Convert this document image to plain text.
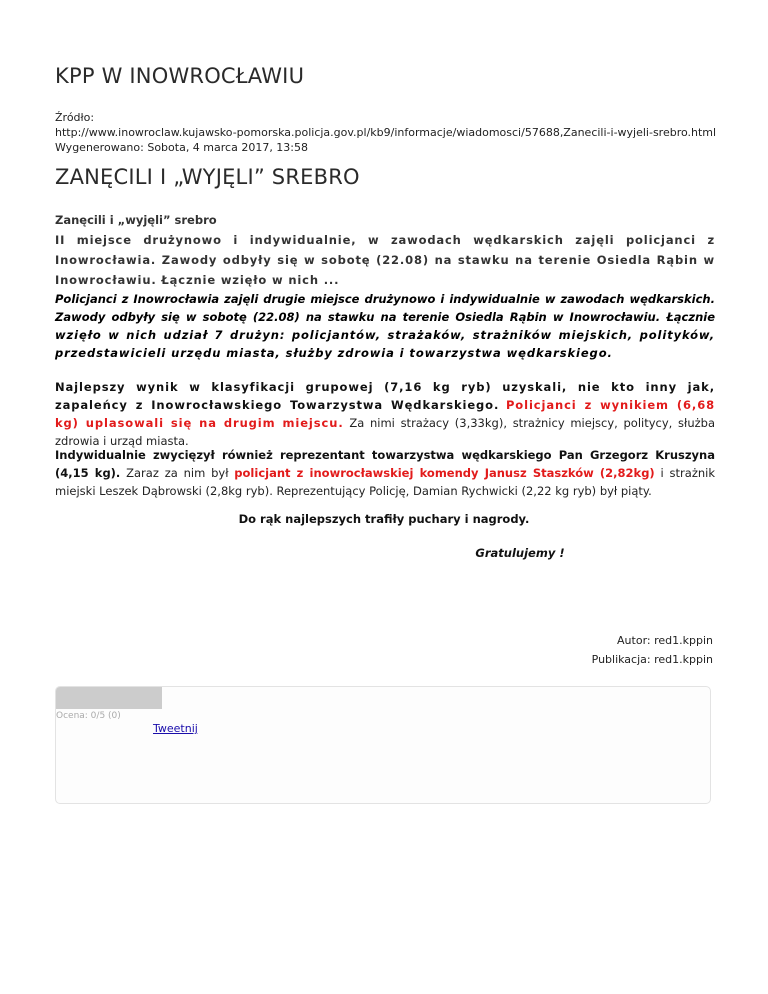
KPP W INOWROCŁAWIU
Źródło:
http://www.inowroclaw.kujawsko-pomorska.policja.gov.pl/kb9/informacje/wiadomosci/57688,Zanecili-i-wyjeli-srebro.html
Wygenerowano: Sobota, 4 marca 2017, 13:58
ZANĘCILI I „WYJĘLI” SREBRO
Zanęcili i „wyjęli” srebro
II miejsce drużynowo i indywidualnie, w zawodach wędkarskich zajęli policjanci z Inowrocławia. Zawody odbyły się w sobotę (22.08) na stawku na terenie Osiedla Rąbin w Inowrocławiu. Łącznie wzięło w nich ...
Policjanci z Inowrocławia zajęli drugie miejsce drużynowo i indywidualnie w zawodach wędkarskich. Zawody odbyły się w sobotę (22.08) na stawku na terenie Osiedla Rąbin w Inowrocławiu. Łącznie wzięło w nich udział 7 drużyn: policjantów, strażaków, strażników miejskich, polityków, przedstawicieli urzędu miasta, służby zdrowia i towarzystwa wędkarskiego.
Najlepszy wynik w klasyfikacji grupowej (7,16 kg ryb) uzyskali, nie kto inny jak, zapaleńcy z Inowrocławskiego Towarzystwa Wędkarskiego. Policjanci z wynikiem (6,68 kg) uplasowali się na drugim miejscu. Za nimi strażacy (3,33kg), strażnicy miejscy, politycy, służba zdrowia i urząd miasta.
Indywidualnie zwycięzył również reprezentant towarzystwa wędkarskiego Pan Grzegorz Kruszyna (4,15 kg). Zaraz za nim był policjant z inowrocławskiej komendy Janusz Staszków (2,82kg) i strażnik miejski Leszek Dąbrowski (2,8kg ryb). Reprezentujący Policję, Damian Rychwicki (2,22 kg ryb) był piąty.
Do rąk najlepszych trafiły puchary i nagrody.
Gratulujemy !
Autor: red1.kppin
Publikacja: red1.kppin
Ocena: 0/5 (0)
Tweetnij
